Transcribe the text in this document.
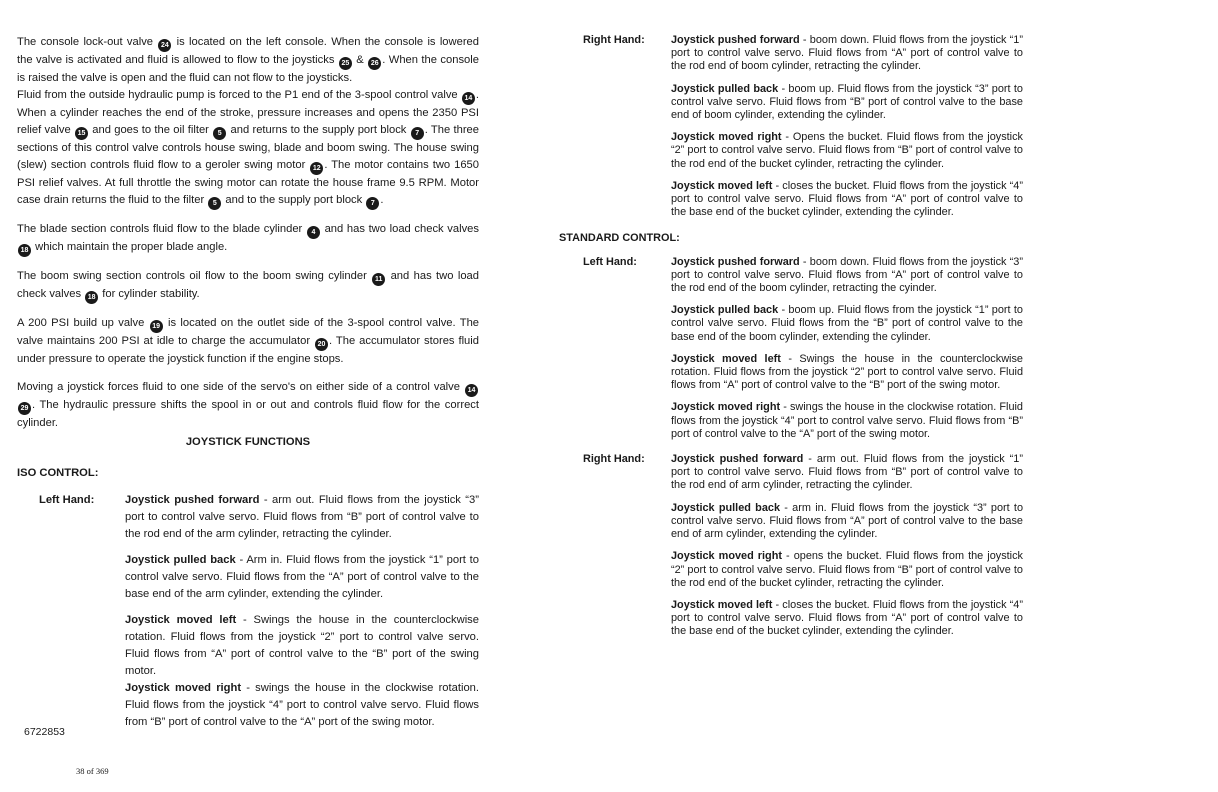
The console lock-out valve 24 is located on the left console. When the console is lowered the valve is activated and fluid is allowed to flow to the joysticks 25 & 26 . When the console is raised the valve is open and the fluid can not flow to the joysticks.

Fluid from the outside hydraulic pump is forced to the P1 end of the 3-spool control valve 14 . When a cylinder reaches the end of the stroke, pressure increases and opens the 2350 PSI relief valve 15 and goes to the oil filter 5 and returns to the supply port block 7 . The three sections of this control valve controls house swing, blade and boom swing. The house swing (slew) section controls fluid flow to a geroler swing motor 12 . The motor contains two 1650 PSI relief valves. At full throttle the swing motor can rotate the house frame 9.5 RPM. Motor case drain returns the fluid to the filter 5 and to the supply port block 7 .

The blade section controls fluid flow to the blade cylinder 4 and has two load check valves 18 which maintain the proper blade angle.

The boom swing section controls oil flow to the boom swing cylinder 11 and has two load check valves 18 for cylinder stability.

A 200 PSI build up valve 19 is located on the outlet side of the 3-spool control valve. The valve maintains 200 PSI at idle to charge the accumulator 20 . The accumulator stores fluid under pressure to operate the joystick function if the engine stops.

Moving a joystick forces fluid to one side of the servo's on either side of a control valve 14 29 . The hydraulic pressure shifts the spool in or out and controls fluid flow for the correct cylinder.

JOYSTICK FUNCTIONS
ISO CONTROL:
Left Hand:	Joystick pushed forward - arm out. Fluid flows from the joystick “3” port to control valve servo. Fluid flows from “B” port of control valve to the rod end of the arm cylinder, retracting the cylinder.
Joystick pulled back - Arm in. Fluid flows from the joystick “1” port to control valve servo. Fluid flows from the “A” port of control valve to the base end of the arm cylinder, extending the cylinder.
Joystick moved left - Swings the house in the counterclockwise rotation. Fluid flows from the joystick “2” port to control valve servo. Fluid flows from “A” port of control valve to the “B” port of the swing motor.
Joystick moved right - swings the house in the clockwise rotation. Fluid flows from the joystick “4” port to control valve servo. Fluid flows from “B” port of control valve to the “A” port of the swing motor.
Right Hand:	Joystick pushed forward - boom down. Fluid flows from the joystick “1” port to control valve servo. Fluid flows from “A” port of control valve to the rod end of boom cylinder, retracting the cylinder.
Joystick pulled back - boom up. Fluid flows from the joystick “3” port to control valve servo. Fluid flows from “B” port of control valve to the base end of boom cylinder, extending the cylinder.
Joystick moved right - Opens the bucket. Fluid flows from the joystick “2” port to control valve servo. Fluid flows from “B” port of control valve to the rod end of the bucket cylinder, retracting the cylinder.
Joystick moved left - closes the bucket. Fluid flows from the joystick “4” port to control valve servo. Fluid flows from “A” port of control valve to the base end of the bucket cylinder, extending the cylinder.
STANDARD CONTROL:
Left Hand:	Joystick pushed forward - boom down. Fluid flows from the joystick “3” port to control valve servo. Fluid flows from “A” port of control valve to the rod end of the boom cylinder, retracting the cyinder.
Joystick pulled back - boom up. Fluid flows from the joystick “1” port to control valve servo. Fluid flows from the “B” port of control valve to the base end of the boom cylinder, extending the cylinder.
Joystick moved left - Swings the house in the counterclockwise rotation. Fluid flows from the joystick “2” port to control valve servo. Fluid flows from “A” port of control valve to the “B” port of the swing motor.
Joystick moved right - swings the house in the clockwise rotation. Fluid flows from the joystick “4” port to control valve servo. Fluid flows from “B” port of control valve to the “A” port of the swing motor.
Right Hand:	Joystick pushed forward - arm out. Fluid flows from the joystick “1” port to control valve servo. Fluid flows from “B” port of control valve to the rod end of arm cylinder, retracting the cylinder.
Joystick pulled back - arm in. Fluid flows from the joystick “3” port to control valve servo. Fluid flows from “A” port of control valve to the base end of arm cylinder, extending the cylinder.
Joystick moved right - opens the bucket. Fluid flows from the joystick “2” port to control valve servo. Fluid flows from “B” port of control valve to the rod end of the bucket cylinder, retracting the cylinder.
Joystick moved left - closes the bucket. Fluid flows from the joystick “4” port to control valve servo. Fluid flows from “A” port of control valve to the base end of the bucket cylinder, extending the cylinder.
6722853
38 of 369
